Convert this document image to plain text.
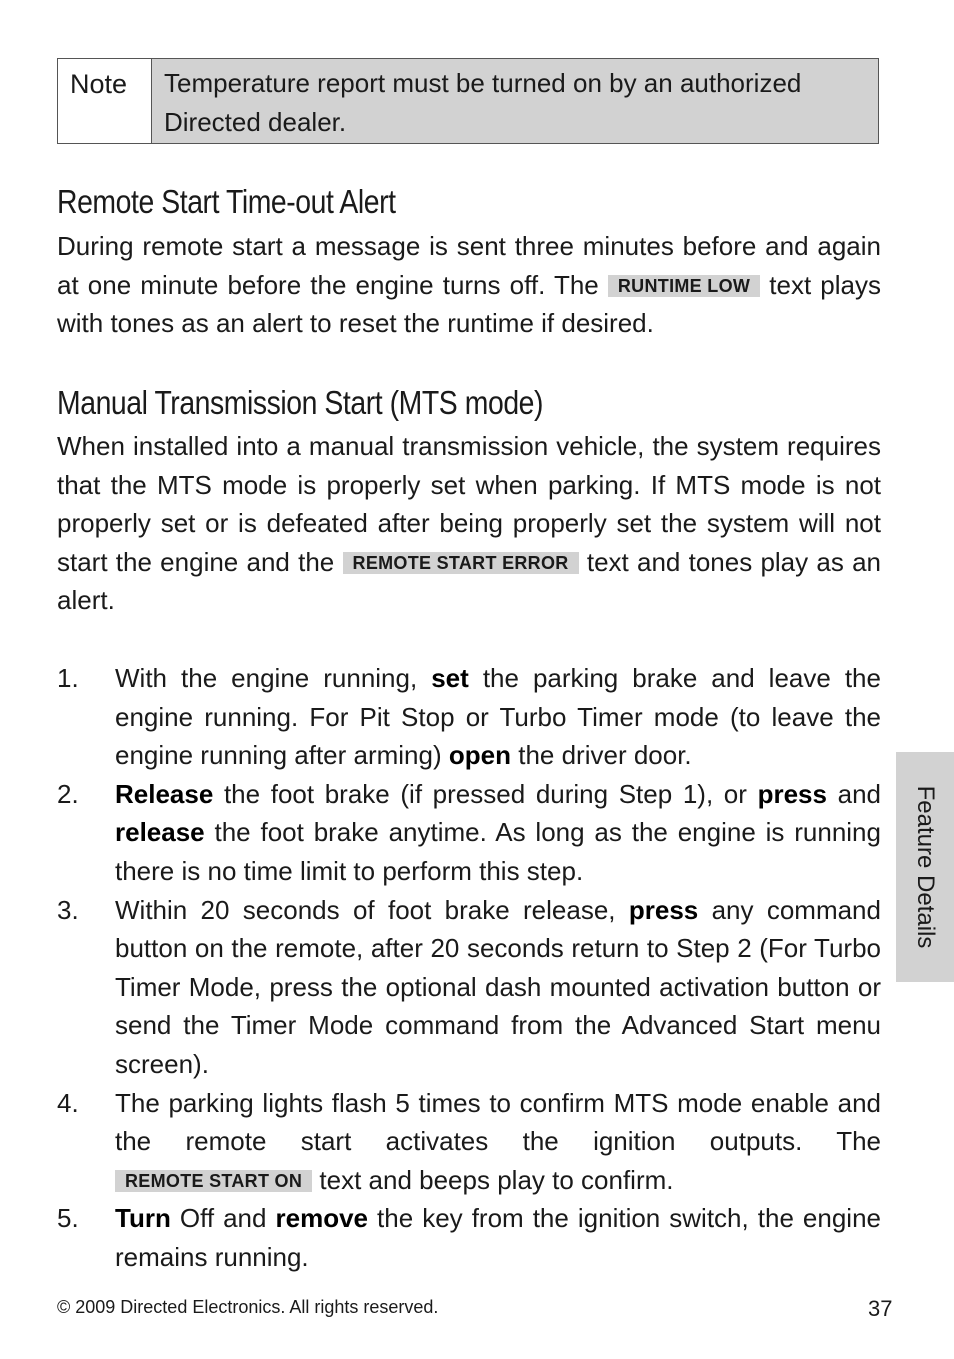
Note	Temperature report must be turned on by an authorized Directed dealer.
Remote Start Time-out Alert

During remote start a message is sent three minutes before and again at one minute before the engine turns off. The RUNTIME LOW text plays with tones as an alert to reset the runtime if desired.

Manual Transmission Start (MTS mode)

When installed into a manual transmission vehicle, the system requires that the MTS mode is properly set when parking. If MTS mode is not properly set or is defeated after being properly set the system will not start the engine and the REMOTE START ERROR text and tones play as an alert.

1. With the engine running, set the parking brake and leave the engine running. For Pit Stop or Turbo Timer mode (to leave the engine running after arming) open the driver door.
2. Release the foot brake (if pressed during Step 1), or press and release the foot brake anytime. As long as the engine is running there is no time limit to perform this step.
3. Within 20 seconds of foot brake release, press any command button on the remote, after 20 seconds return to Step 2 (For Turbo Timer Mode, press the optional dash mounted activation button or send the Timer Mode command from the Advanced Start menu screen).
4. The parking lights flash 5 times to confirm MTS mode enable and the remote start activates the ignition outputs. The REMOTE START ON text and beeps play to confirm.
5. Turn Off and remove the key from the ignition switch, the engine remains running.
Feature Details
© 2009 Directed Electronics. All rights reserved.	37
